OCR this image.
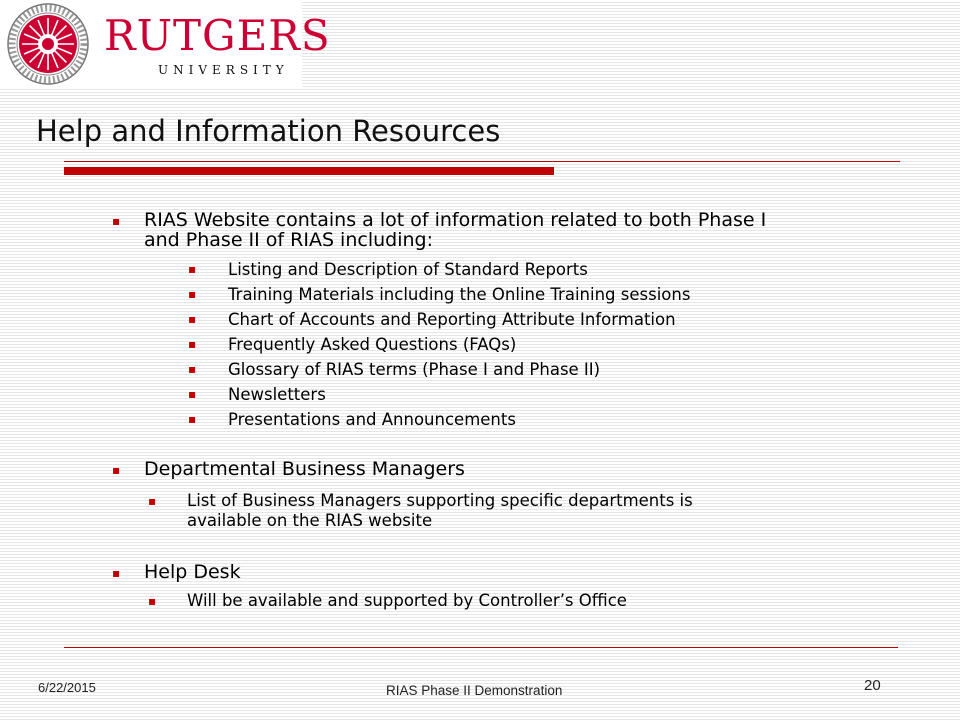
RUTGERS
UNIVERSITY
Help and Information Resources
▪ RIAS Website contains a lot of information related to both Phase I
and Phase II of RIAS including:
▪ Listing and Description of Standard Reports
▪ Training Materials including the Online Training sessions
▪ Chart of Accounts and Reporting Attribute Information
▪ Frequently Asked Questions (FAQs)
▪ Glossary of RIAS terms (Phase I and Phase II)
▪ Newsletters
▪ Presentations and Announcements
▪ Departmental Business Managers
▪ List of Business Managers supporting specific departments is
available on the RIAS website
▪ Help Desk
▪ Will be available and supported by Controller’s Office
6/22/2015	RIAS Phase II Demonstration	20
